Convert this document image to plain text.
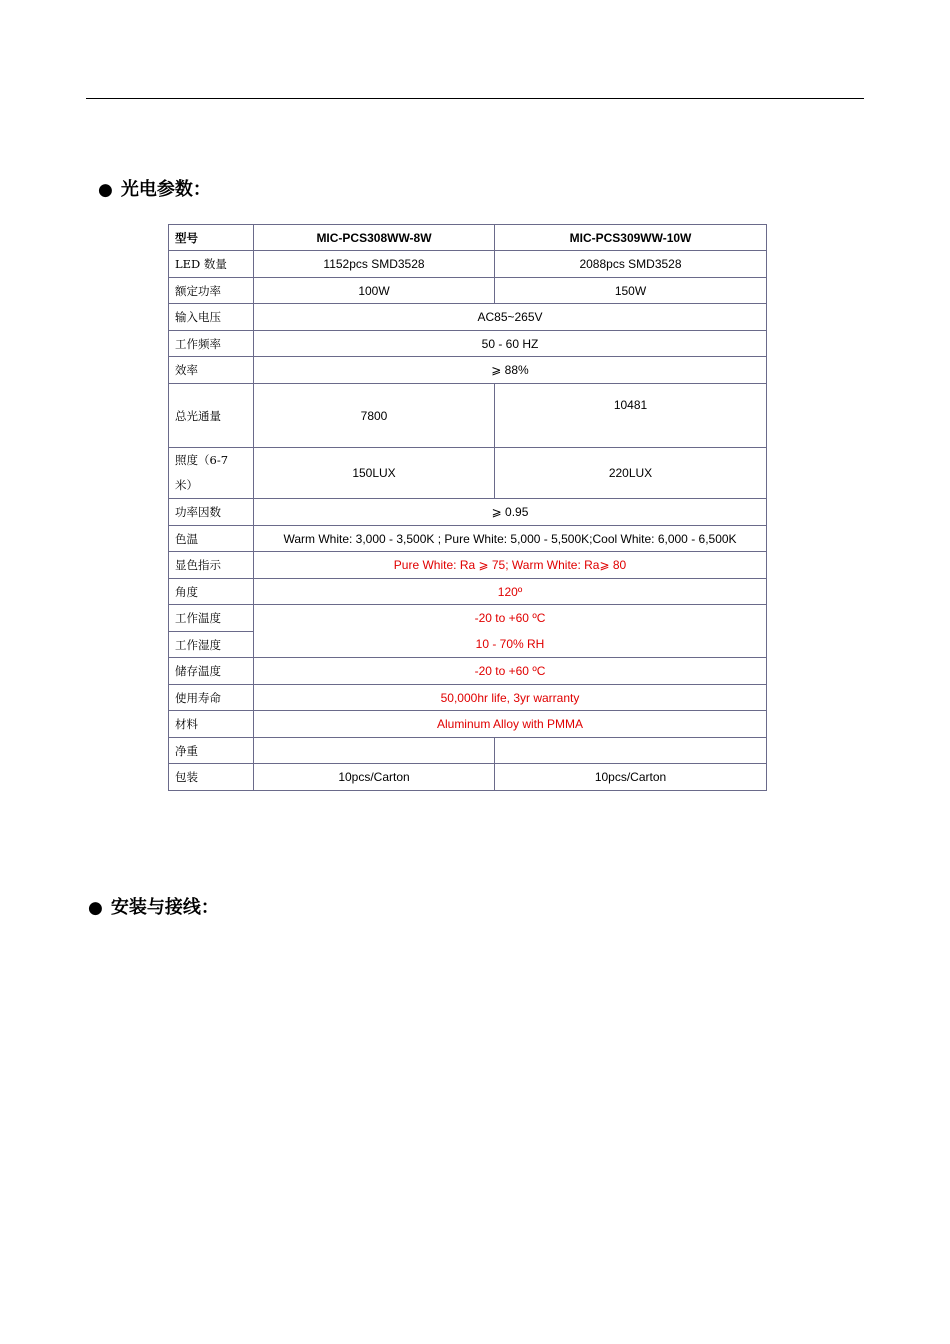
● 光电参数：
型号	MIC-PCS308WW-8W	MIC-PCS309WW-10W
LED 数量	1152pcs SMD3528	2088pcs SMD3528
额定功率	100W	150W
输入电压	AC85~265V	
工作频率	50 - 60 HZ	
效率	⩾ 88%	
总光通量	7800	10481
照度（6-7
米）	150LUX	220LUX
功率因数	⩾ 0.95	
色温	Warm White: 3,000 - 3,500K ; Pure White: 5,000 - 5,500K;Cool White: 6,000 - 6,500K	
显色指示	Pure White: Ra ⩾ 75; Warm White: Ra⩾ 80	
角度	120º	
工作温度	-20 to +60 ºC	
工作湿度	10 - 70% RH	
储存温度	-20 to +60 ºC	
使用寿命	50,000hr life, 3yr warranty	
材料	Aluminum Alloy with PMMA	
净重		
包装	10pcs/Carton	10pcs/Carton
● 安装与接线：
